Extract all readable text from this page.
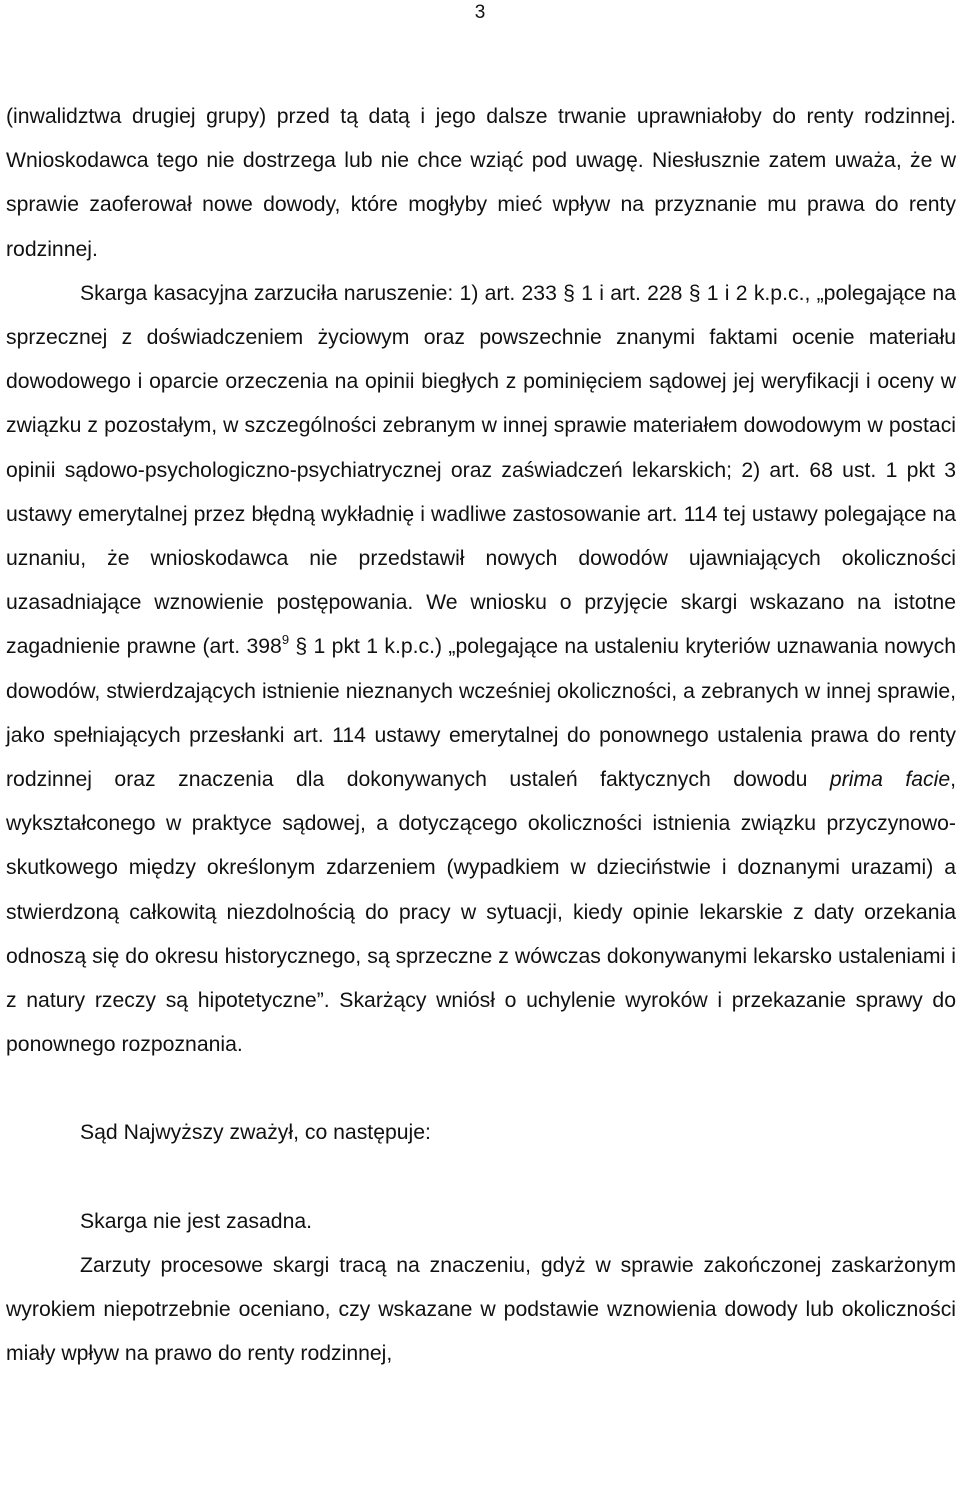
3

(inwalidztwa drugiej grupy) przed tą datą i jego dalsze trwanie uprawniałoby do renty rodzinnej. Wnioskodawca tego nie dostrzega lub nie chce wziąć pod uwagę. Niesłusznie zatem uważa, że w sprawie zaoferował nowe dowody, które mogłyby mieć wpływ na przyznanie mu prawa do renty rodzinnej.

Skarga kasacyjna zarzuciła naruszenie: 1) art. 233 § 1 i art. 228 § 1 i 2 k.p.c., „polegające na sprzecznej z doświadczeniem życiowym oraz powszechnie znanymi faktami ocenie materiału dowodowego i oparcie orzeczenia na opinii biegłych z pominięciem sądowej jej weryfikacji i oceny w związku z pozostałym, w szczególności zebranym w innej sprawie materiałem dowodowym w postaci opinii sądowo-psychologiczno-psychiatrycznej oraz zaświadczeń lekarskich; 2) art. 68 ust. 1 pkt 3 ustawy emerytalnej przez błędną wykładnię i wadliwe zastosowanie art. 114 tej ustawy polegające na uznaniu, że wnioskodawca nie przedstawił nowych dowodów ujawniających okoliczności uzasadniające wznowienie postępowania. We wniosku o przyjęcie skargi wskazano na istotne zagadnienie prawne (art. $398^9$ § 1 pkt 1 k.p.c.) „polegające na ustaleniu kryteriów uznawania nowych dowodów, stwierdzających istnienie nieznanych wcześniej okoliczności, a zebranych w innej sprawie, jako spełniających przesłanki art. 114 ustawy emerytalnej do ponownego ustalenia prawa do renty rodzinnej oraz znaczenia dla dokonywanych ustaleń faktycznych dowodu prima facie, wykształconego w praktyce sądowej, a dotyczącego okoliczności istnienia związku przyczynowo-skutkowego między określonym zdarzeniem (wypadkiem w dzieciństwie i doznanymi urazami) a stwierdzoną całkowitą niezdolnością do pracy w sytuacji, kiedy opinie lekarskie z daty orzekania odnoszą się do okresu historycznego, są sprzeczne z wówczas dokonywanymi lekarsko ustaleniami i z natury rzeczy są hipotetyczne”. Skarżący wniósł o uchylenie wyroków i przekazanie sprawy do ponownego rozpoznania.

Sąd Najwyższy zważył, co następuje:

Skarga nie jest zasadna.

Zarzuty procesowe skargi tracą na znaczeniu, gdyż w sprawie zakończonej zaskarżonym wyrokiem niepotrzebnie oceniano, czy wskazane w podstawie wznowienia dowody lub okoliczności miały wpływ na prawo do renty rodzinnej,
